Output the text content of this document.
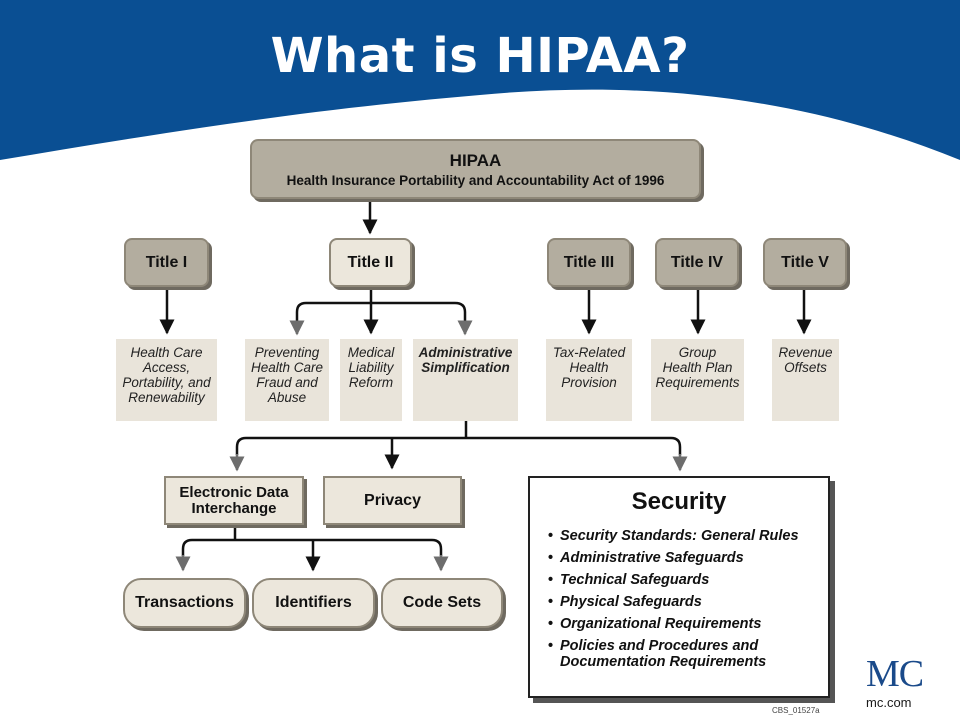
What is HIPAA?
HIPAA
Health Insurance Portability and Accountability Act of 1996
Title I	Title II	Title III	Title IV	Title V
Health Care
Access,
Portability, and
Renewability
Preventing
Health Care
Fraud and
Abuse
Medical
Liability
Reform
Administrative
Simplification
Tax-Related
Health
Provision
Group
Health Plan
Requirements
Revenue
Offsets
Electronic Data
Interchange	Privacy
Transactions	Identifiers	Code Sets
Security
• Security Standards: General Rules
• Administrative Safeguards
• Technical Safeguards
• Physical Safeguards
• Organizational Requirements
• Policies and Procedures and
Documentation Requirements
CBS_01527a
MC
mc.com
